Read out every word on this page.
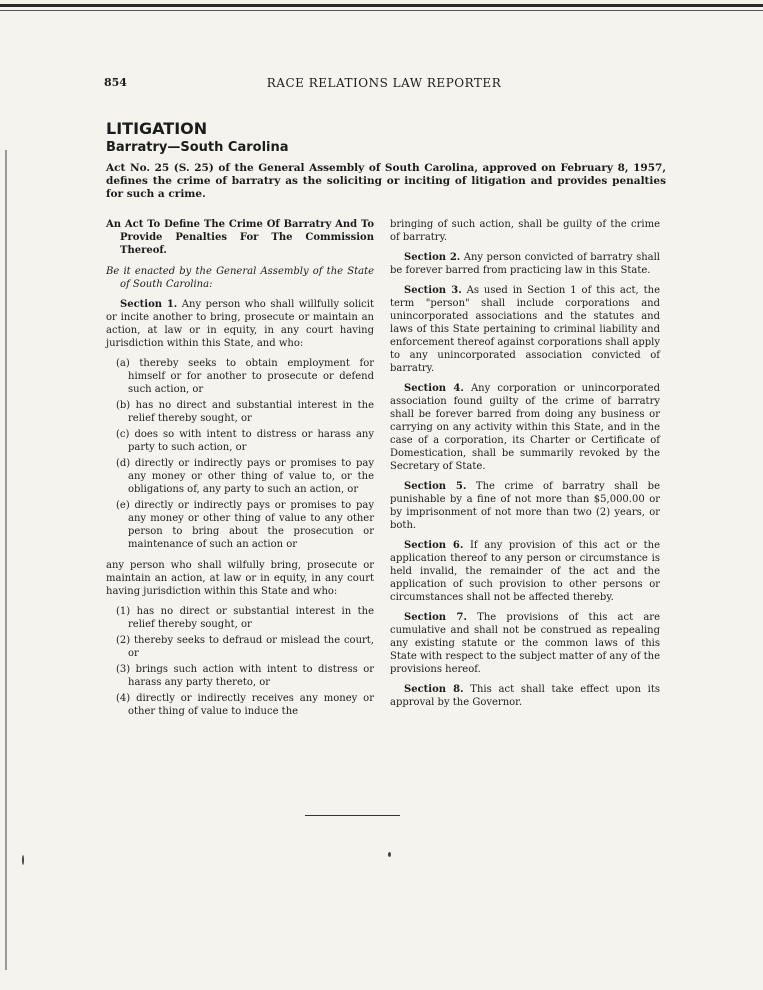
854	RACE RELATIONS LAW REPORTER
LITIGATION
Barratry—South Carolina
Act No. 25 (S. 25) of the General Assembly of South Carolina, approved on February 8, 1957, defines the crime of barratry as the soliciting or inciting of litigation and provides penalties for such a crime.

An Act To Define The Crime Of Barratry And To Provide Penalties For The Commission Thereof.

Be it enacted by the General Assembly of the State of South Carolina:

Section 1. Any person who shall willfully solicit or incite another to bring, prosecute or maintain an action, at law or in equity, in any court having jurisdiction within this State, and who:

(a) thereby seeks to obtain employment for himself or for another to prosecute or defend such action, or

(b) has no direct and substantial interest in the relief thereby sought, or

(c) does so with intent to distress or harass any party to such action, or

(d) directly or indirectly pays or promises to pay any money or other thing of value to, or the obligations of, any party to such an action, or

(e) directly or indirectly pays or promises to pay any money or other thing of value to any other person to bring about the prosecution or maintenance of such an action or

any person who shall wilfully bring, prosecute or maintain an action, at law or in equity, in any court having jurisdiction within this State and who:

(1) has no direct or substantial interest in the relief thereby sought, or

(2) thereby seeks to defraud or mislead the court, or

(3) brings such action with intent to distress or harass any party thereto, or

(4) directly or indirectly receives any money or other thing of value to induce the

bringing of such action, shall be guilty of the crime of barratry.

Section 2. Any person convicted of barratry shall be forever barred from practicing law in this State.

Section 3. As used in Section 1 of this act, the term "person" shall include corporations and unincorporated associations and the statutes and laws of this State pertaining to criminal liability and enforcement thereof against corporations shall apply to any unincorporated association convicted of barratry.

Section 4. Any corporation or unincorporated association found guilty of the crime of barratry shall be forever barred from doing any business or carrying on any activity within this State, and in the case of a corporation, its Charter or Certificate of Domestication, shall be summarily revoked by the Secretary of State.

Section 5. The crime of barratry shall be punishable by a fine of not more than $5,000.00 or by imprisonment of not more than two (2) years, or both.

Section 6. If any provision of this act or the application thereof to any person or circumstance is held invalid, the remainder of the act and the application of such provision to other persons or circumstances shall not be affected thereby.

Section 7. The provisions of this act are cumulative and shall not be construed as repealing any existing statute or the common laws of this State with respect to the subject matter of any of the provisions hereof.

Section 8. This act shall take effect upon its approval by the Governor.
